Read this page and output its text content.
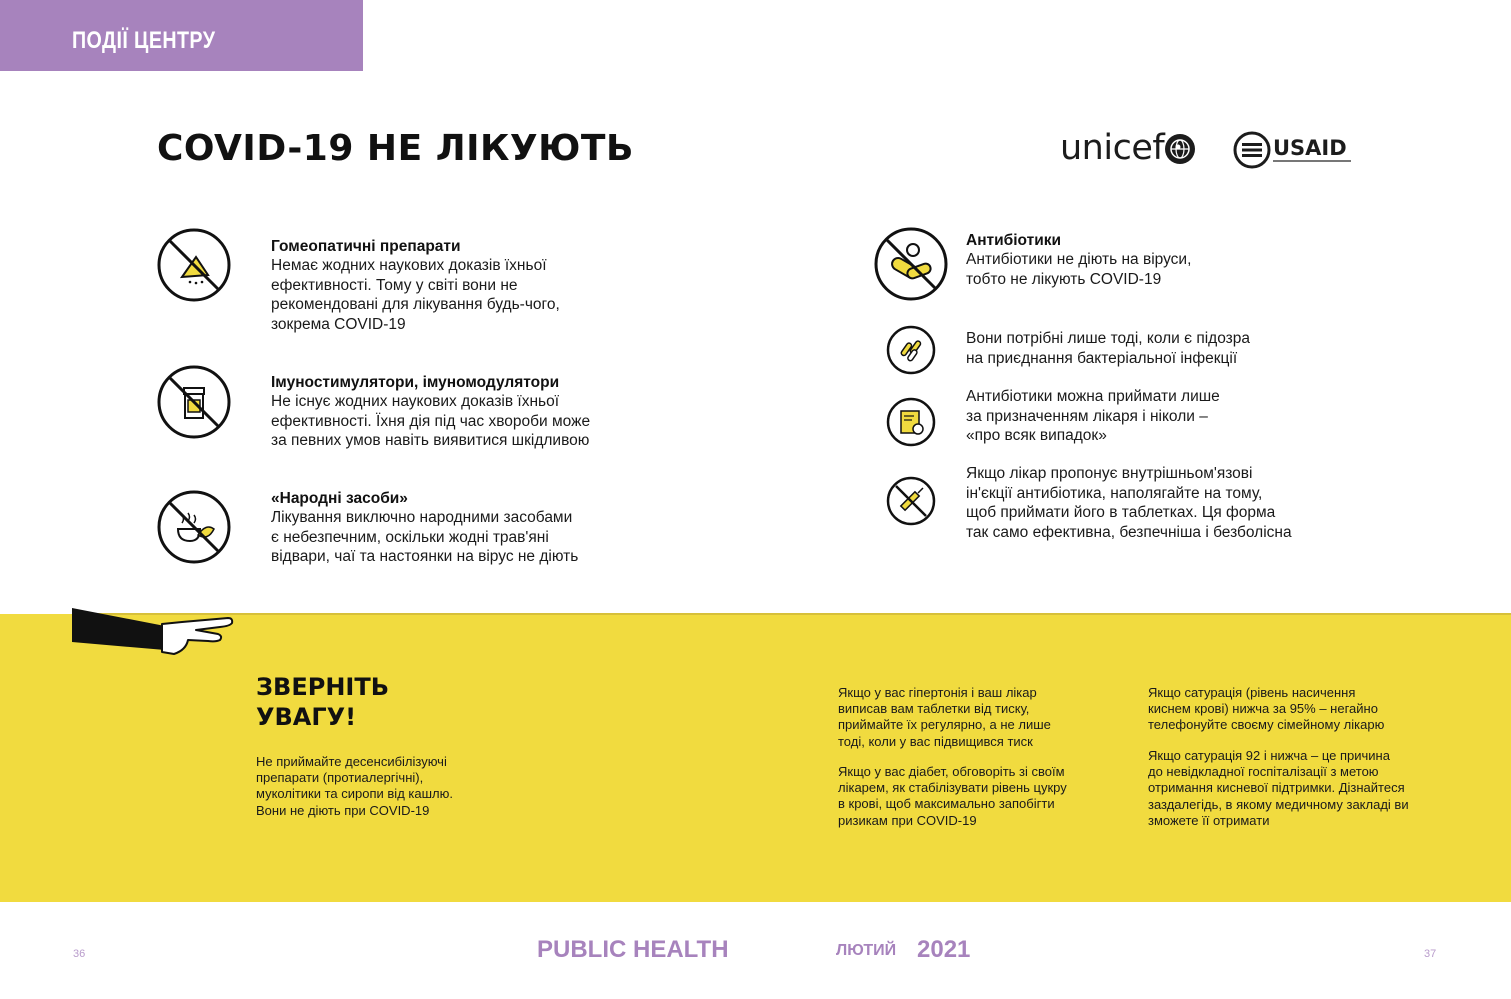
ПОДІЇ ЦЕНТРУ
COVID-19 НЕ ЛІКУЮТЬ	unicef	USAID
Гомеопатичні препарати
Немає жодних наукових доказів їхньої
ефективності. Тому у світі вони не
рекомендовані для лікування будь-чого,
зокрема COVID-19
Імуностимулятори, імуномодулятори
Не існує жодних наукових доказів їхньої
ефективності. Їхня дія під час хвороби може
за певних умов навіть виявитися шкідливою
«Народні засоби»
Лікування виключно народними засобами
є небезпечним, оскільки жодні трав'яні
відвари, чаї та настоянки на вірус не діють
Антибіотики
Антибіотики не діють на віруси,
тобто не лікують COVID-19
Вони потрібні лише тоді, коли є підозра
на приєднання бактеріальної інфекції
Антибіотики можна приймати лише
за призначенням лікаря і ніколи –
«про всяк випадок»
Якщо лікар пропонує внутрішньом'язові
ін'єкції антибіотика, наполягайте на тому,
щоб приймати його в таблетках. Ця форма
так само ефективна, безпечніша і безболісна
ЗВЕРНІТЬ
УВАГУ!
Не приймайте десенсибілізуючі
препарати (протиалергічні),
муколітики та сиропи від кашлю.
Вони не діють при COVID-19
Якщо у вас гіпертонія і ваш лікар
виписав вам таблетки від тиску,
приймайте їх регулярно, а не лише
тоді, коли у вас підвищився тиск
Якщо у вас діабет, обговоріть зі своїм
лікарем, як стабілізувати рівень цукру
в крові, щоб максимально запобігти
ризикам при COVID-19
Якщо сатурація (рівень насичення
киснем крові) нижча за 95% – негайно
телефонуйте своєму сімейному лікарю
Якщо сатурація 92 і нижча – це причина
до невідкладної госпіталізації з метою
отримання кисневої підтримки. Дізнайтеся
заздалегідь, в якому медичному закладі ви
зможете її отримати
36	PUBLIC HEALTH	ЛЮТИЙ 2021	37
